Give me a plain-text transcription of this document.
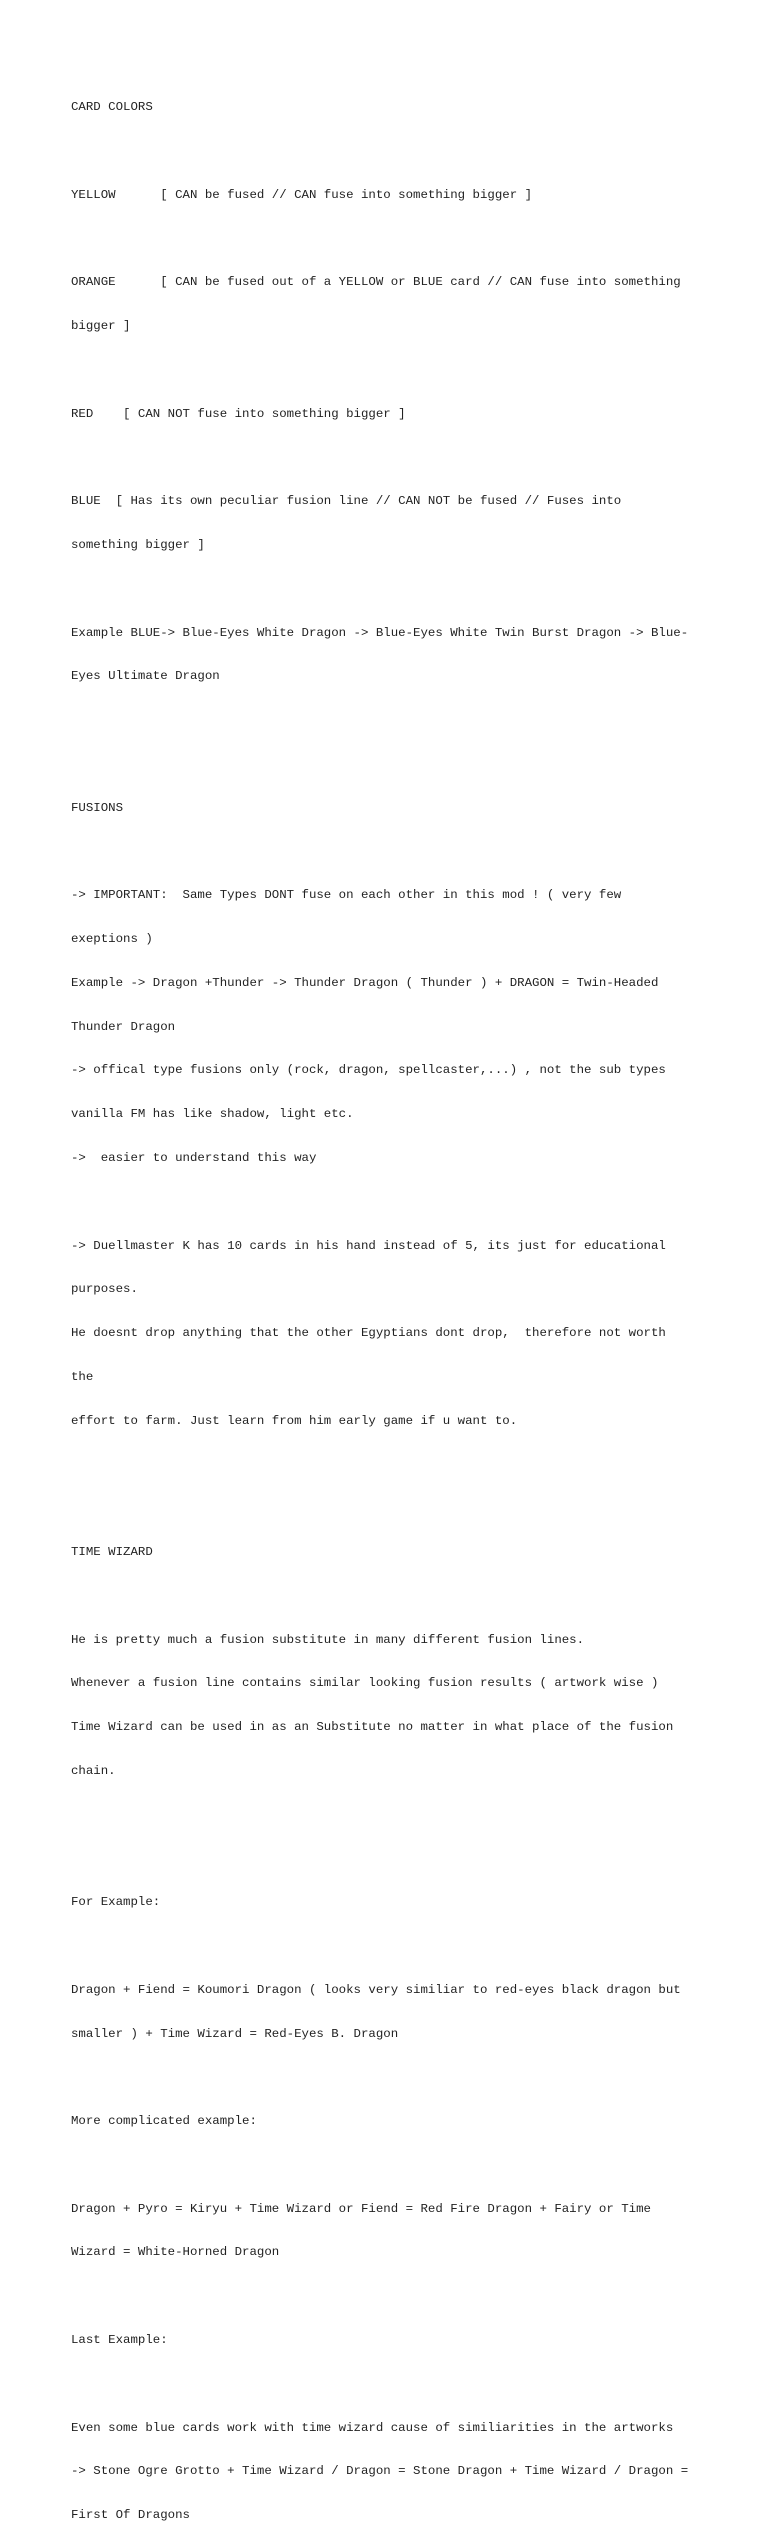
CARD COLORS

YELLOW      [ CAN be fused // CAN fuse into something bigger ]

ORANGE      [ CAN be fused out of a YELLOW or BLUE card // CAN fuse into something

bigger ]

RED    [ CAN NOT fuse into something bigger ]

BLUE  [ Has its own peculiar fusion line // CAN NOT be fused // Fuses into

something bigger ]

Example BLUE-> Blue-Eyes White Dragon -> Blue-Eyes White Twin Burst Dragon -> Blue-

Eyes Ultimate Dragon

FUSIONS

-> IMPORTANT:  Same Types DONT fuse on each other in this mod ! ( very few

exeptions )

Example -> Dragon +Thunder -> Thunder Dragon ( Thunder ) + DRAGON = Twin-Headed

Thunder Dragon

-> offical type fusions only (rock, dragon, spellcaster,...) , not the sub types

vanilla FM has like shadow, light etc.

->  easier to understand this way

-> Duellmaster K has 10 cards in his hand instead of 5, its just for educational

purposes.

He doesnt drop anything that the other Egyptians dont drop,  therefore not worth

the

effort to farm. Just learn from him early game if u want to.

TIME WIZARD

He is pretty much a fusion substitute in many different fusion lines.

Whenever a fusion line contains similar looking fusion results ( artwork wise )

Time Wizard can be used in as an Substitute no matter in what place of the fusion

chain.

For Example:

Dragon + Fiend = Koumori Dragon ( looks very similiar to red-eyes black dragon but

smaller ) + Time Wizard = Red-Eyes B. Dragon

More complicated example:

Dragon + Pyro = Kiryu + Time Wizard or Fiend = Red Fire Dragon + Fairy or Time

Wizard = White-Horned Dragon

Last Example:

Even some blue cards work with time wizard cause of similiarities in the artworks

-> Stone Ogre Grotto + Time Wizard / Dragon = Stone Dragon + Time Wizard / Dragon =

First Of Dragons
